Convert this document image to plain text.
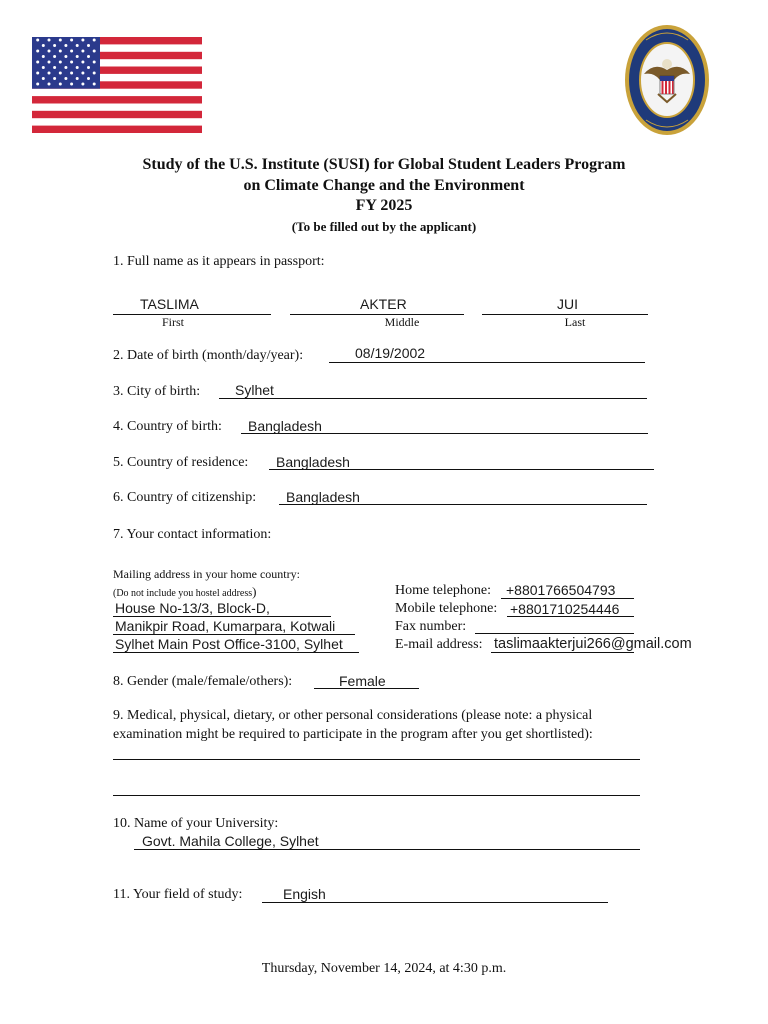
Study of the U.S. Institute (SUSI) for Global Student Leaders Program
on Climate Change and the Environment
FY 2025
(To be filled out by the applicant)
1. Full name as it appears in passport:
TASLIMA
First
AKTER
Middle
JUI
Last
2. Date of birth (month/day/year):	08/19/2002
3. City of birth: Sylhet
4. Country of birth: Bangladesh
5. Country of residence: Bangladesh
6. Country of citizenship: Bangladesh
7. Your contact information:
Mailing address in your home country:
(Do not include you hostel address)
House No-13/3, Block-D,
Manikpir Road, Kumarpara, Kotwali
Sylhet Main Post Office-3100, Sylhet
Home telephone: +8801766504793
Mobile telephone: +8801710254446
Fax number:
E-mail address: taslimaakterjui266@gmail.com
8. Gender (male/female/others):	Female
9. Medical, physical, dietary, or other personal considerations (please note: a physical
examination might be required to participate in the program after you get shortlisted):
10. Name of your University:
Govt. Mahila College, Sylhet
11. Your field of study:	Engish
Thursday, November 14, 2024, at 4:30 p.m.
